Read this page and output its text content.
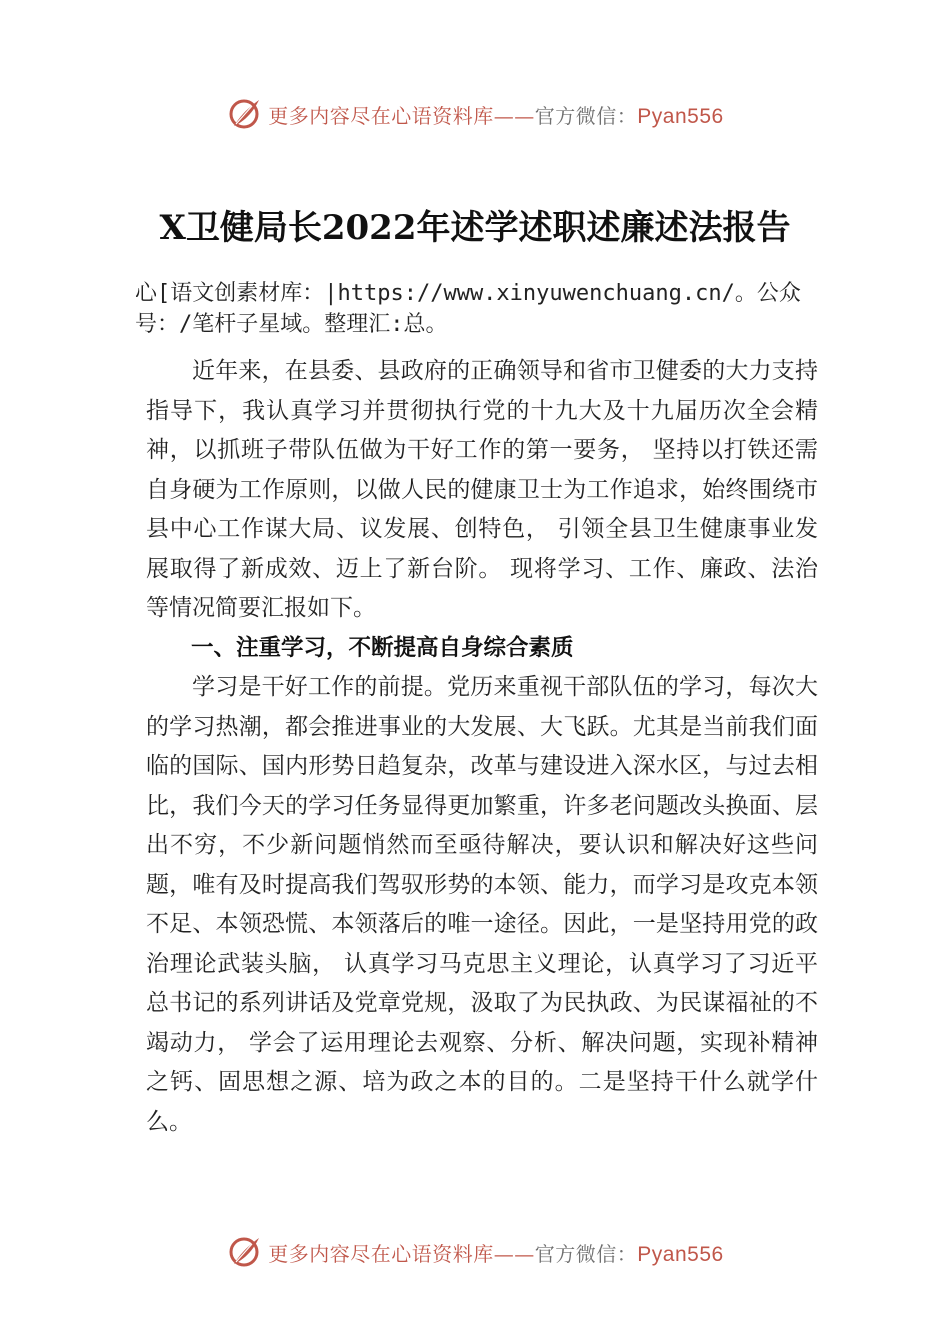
更多内容尽在心语资料库——官方微信：Pyan556
X卫健局长2022年述学述职述廉述法报告
心[语文创素材库：|https://www.xinyuwenchuang.cn/。公众号：/笔杆子星域。整理汇:总。

近年来，在县委、县政府的正确领导和省市卫健委的大力支持指导下，我认真学习并贯彻执行党的十九大及十九届历次全会精神，以抓班子带队伍做为干好工作的第一要务， 坚持以打铁还需自身硬为工作原则，以做人民的健康卫士为工作追求，始终围绕市县中心工作谋大局、议发展、创特色， 引领全县卫生健康事业发展取得了新成效、迈上了新台阶。 现将学习、工作、廉政、法治等情况简要汇报如下。

一、注重学习，不断提高自身综合素质

学习是干好工作的前提。党历来重视干部队伍的学习，每次大的学习热潮，都会推进事业的大发展、大飞跃。尤其是当前我们面临的国际、国内形势日趋复杂，改革与建设进入深水区，与过去相比，我们今天的学习任务显得更加繁重，许多老问题改头换面、层出不穷，不少新问题悄然而至亟待解决，要认识和解决好这些问题，唯有及时提高我们驾驭形势的本领、能力，而学习是攻克本领不足、本领恐慌、本领落后的唯一途径。因此，一是坚持用党的政治理论武装头脑， 认真学习马克思主义理论，认真学习了习近平总书记的系列讲话及党章党规，汲取了为民执政、为民谋福祉的不竭动力， 学会了运用理论去观察、分析、解决问题，实现补精神之钙、固思想之源、培为政之本的目的。二是坚持干什么就学什么。

更多内容尽在心语资料库——官方微信：Pyan556
